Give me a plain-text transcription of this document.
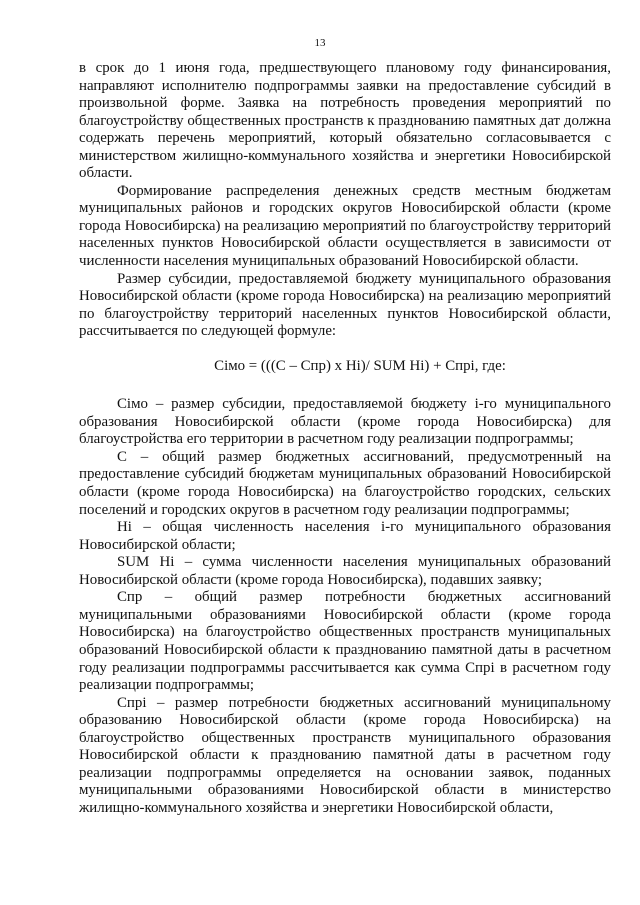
13

в срок до 1 июня года, предшествующего плановому году финансирования, направляют исполнителю подпрограммы заявки на предоставление субсидий в произвольной форме. Заявка на потребность проведения мероприятий по благоустройству общественных пространств к празднованию памятных дат должна содержать перечень мероприятий, который обязательно согласовывается с министерством жилищно-коммунального хозяйства и энергетики Новосибирской области.

Формирование распределения денежных средств местным бюджетам муниципальных районов и городских округов Новосибирской области (кроме города Новосибирска) на реализацию мероприятий по благоустройству территорий населенных пунктов Новосибирской области осуществляется в зависимости от численности населения муниципальных образований Новосибирской области.

Размер субсидии, предоставляемой бюджету муниципального образования Новосибирской области (кроме города Новосибирска) на реализацию мероприятий по благоустройству территорий населенных пунктов Новосибирской области, рассчитывается по следующей формуле:

Сiмо = (((С – Спр) x Нi)/ SUM Нi) + Спрi, где:

Сiмо – размер субсидии, предоставляемой бюджету i-го муниципального образования Новосибирской области (кроме города Новосибирска) для благоустройства его территории в расчетном году реализации подпрограммы;

С – общий размер бюджетных ассигнований, предусмотренный на предоставление субсидий бюджетам муниципальных образований Новосибирской области (кроме города Новосибирска) на благоустройство городских, сельских поселений и городских округов в расчетном году реализации подпрограммы;

Нi – общая численность населения i-го муниципального образования Новосибирской области;

SUM Нi – сумма численности населения муниципальных образований Новосибирской области (кроме города Новосибирска), подавших заявку;

Спр – общий размер потребности бюджетных ассигнований муниципальными образованиями Новосибирской области (кроме города Новосибирска) на благоустройство общественных пространств муниципальных образований Новосибирской области к празднованию памятной даты в расчетном году реализации подпрограммы рассчитывается как сумма Спрi в расчетном году реализации подпрограммы;

Спрi – размер потребности бюджетных ассигнований муниципальному образованию Новосибирской области (кроме города Новосибирска) на благоустройство общественных пространств муниципального образования Новосибирской области к празднованию памятной даты в расчетном году реализации подпрограммы определяется на основании заявок, поданных муниципальными образованиями Новосибирской области в министерство жилищно-коммунального хозяйства и энергетики Новосибирской области,
